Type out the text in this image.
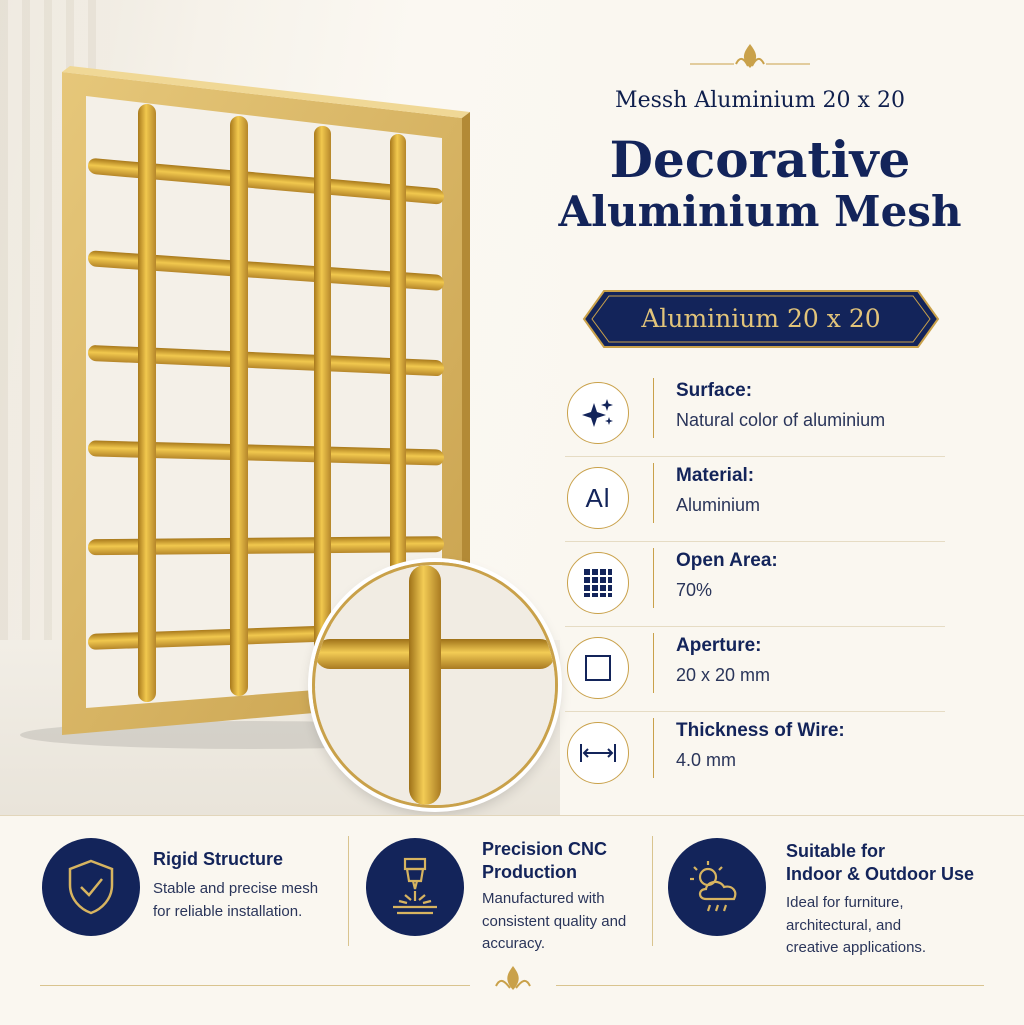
Messh Aluminium 20 x 20
Decorative
Aluminium Mesh
Aluminium 20 x 20
Surface:
Natural color of aluminium
Al
Material:
Aluminium
Open Area:
70%
Aperture:
20 x 20 mm
Thickness of Wire:
4.0 mm
Rigid Structure
Stable and precise mesh
for reliable installation.
Precision CNC
Production
Manufactured with
consistent quality and
accuracy.
Suitable for
Indoor & Outdoor Use
Ideal for furniture,
architectural, and
creative applications.
